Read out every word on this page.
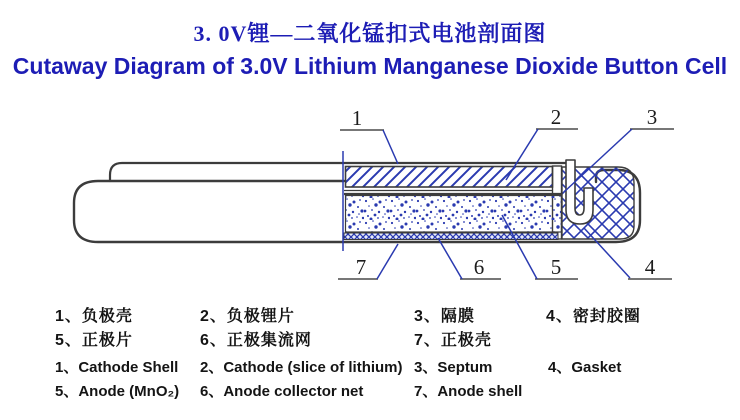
3. 0V锂—二氧化锰扣式电池剖面图
Cutaway Diagram of 3.0V Lithium Manganese Dioxide Button Cell
1	2	3
7	6	5	4
1、负极壳	2、负极锂片	3、隔膜	4、密封胶圈
5、正极片	6、正极集流网	7、正极壳
1、Cathode Shell 2、Cathode (slice of lithium) 3、Septum	4、Gasket
5、Anode (MnO₂) 6、Anode collector net	7、Anode shell
